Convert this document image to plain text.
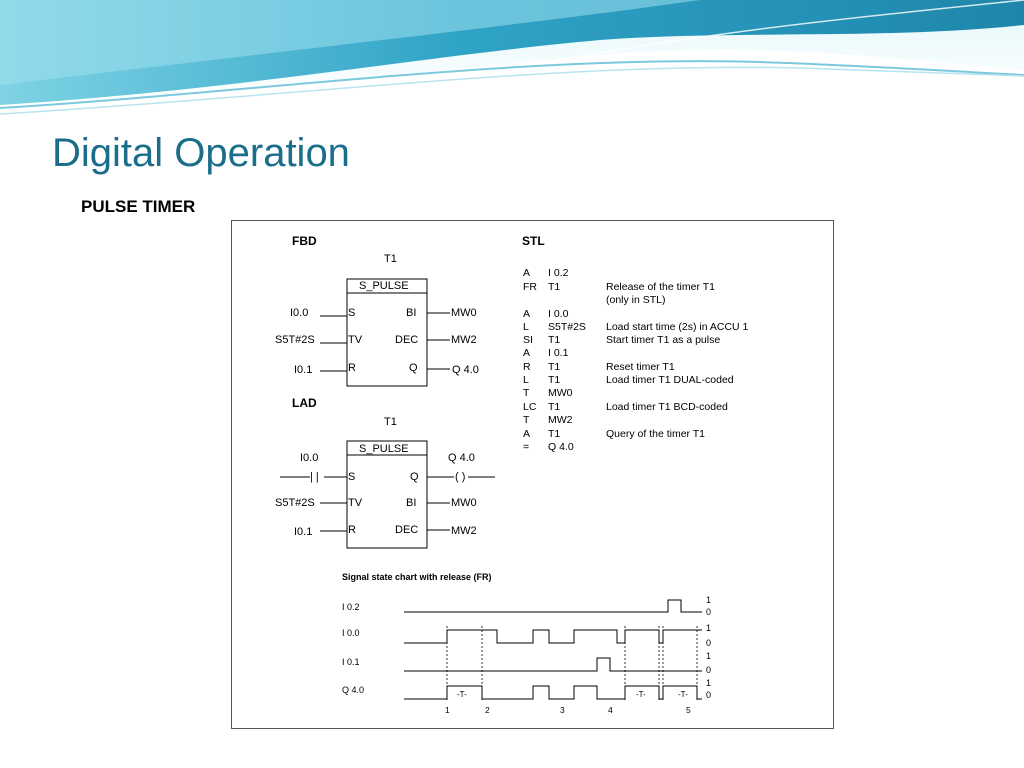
Digital Operation
PULSE TIMER
FBD
T1
S_PULSE
I0.0
S5T#2S
I0.1
S
TV
R
BI
DEC
Q
MW0
MW2
Q 4.0
LAD
T1
S_PULSE
I0.0
| |	S
S5T#2S
I0.1
TV
R
Q
BI
DEC
Q 4.0
( )
MW0
MW2
STL
A I 0.2
FR T1	Release of the timer T1
(only in STL)
A I 0.0
L S5T#2S Load start time (2s) in ACCU 1
SI T1	Start timer T1 as a pulse
A I 0.1
R T1	Reset timer T1
L T1	Load timer T1 DUAL-coded
T MW0
LC T1	Load timer T1 BCD-coded
T MW2
A T1	Query of the timer T1
= Q 4.0
Signal state chart with release (FR)
I 0.2
I 0.0
I 0.1
Q 4.0
1
0
1
0
1
0
1
0
-T-	-T-	-T-
1	2	3	4	5
